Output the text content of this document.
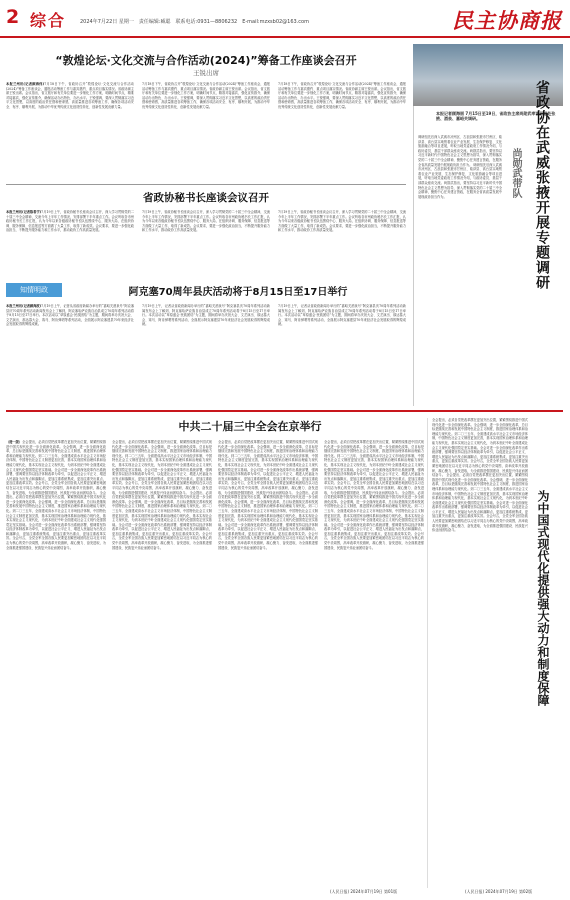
2 综合	2024年7月22日 星期一　责任编辑:臧聪　联系电话:0931—8806232　E-mail:mzxsb02@163.com	民主协商报
“敦煌论坛·文化交流与合作活动(2024)”筹备工作座谈会召开
王锐出席
本报兰州讯(记者顾海伟)7月18日下午，省政协召开“敦煌论坛·文化交流与合作活动(2024)”筹备工作座谈会，通报活动筹备工作与嘉宾邀约、重点项目落实情况。省政协副主席王锐出席。会议指出，省文旅厅和有关单位要进一步细化工作方案，明确时间节点，精准对接嘉宾，强化宣传推介，确保活动办出特色、办出水平。王锐强调，要深入贯彻落实习近平文化思想，以高度的政治责任感和使命感，高质量推进各项筹备工作，确保各项活动安全、有序、顺利开展，为推动中华优秀传统文化创造性转化、创新性发展贡献力量。
7月18日下午，省政协召开“敦煌论坛·文化交流与合作活动(2024)”筹备工作座谈会，通报活动筹备工作与嘉宾邀约、重点项目落实情况。省政协副主席王锐出席。会议指出，省文旅厅和有关单位要进一步细化工作方案，明确时间节点，精准对接嘉宾，强化宣传推介，确保活动办出特色、办出水平。王锐强调，要深入贯彻落实习近平文化思想，以高度的政治责任感和使命感，高质量推进各项筹备工作，确保各项活动安全、有序、顺利开展，为推动中华优秀传统文化创造性转化、创新性发展贡献力量。
7月18日下午，省政协召开“敦煌论坛·文化交流与合作活动(2024)”筹备工作座谈会，通报活动筹备工作与嘉宾邀约、重点项目落实情况。省政协副主席王锐出席。会议指出，省文旅厅和有关单位要进一步细化工作方案，明确时间节点，精准对接嘉宾，强化宣传推介，确保活动办出特色、办出水平。王锐强调，要深入贯彻落实习近平文化思想，以高度的政治责任感和使命感，高质量推进各项筹备工作，确保各项活动安全、有序、顺利开展，为推动中华优秀传统文化创造性转化、创新性发展贡献力量。
省政协秘书长座谈会议召开
本报兰州讯(记者陈希宇)7月19日上午，省政协秘书长座谈会议召开，深入学习贯彻党的二十届三中全会精神，交流今年上半年工作情况，安排部署下半年重点工作。会议听取各市州政协秘书长工作汇报，认为今年以来各级政协秘书长队伍围绕中心、服务大局，在组织协调、服务保障、信息报送等方面做了大量工作，取得了新成效。会议要求，要进一步强化政治担当，不断提升服务能力和工作水平，推动政协工作高质量发展。
7月19日上午，省政协秘书长座谈会议召开，深入学习贯彻党的二十届三中全会精神，交流今年上半年工作情况，安排部署下半年重点工作。会议听取各市州政协秘书长工作汇报，认为今年以来各级政协秘书长队伍围绕中心、服务大局，在组织协调、服务保障、信息报送等方面做了大量工作，取得了新成效。会议要求，要进一步强化政治担当，不断提升服务能力和工作水平，推动政协工作高质量发展。
7月19日上午，省政协秘书长座谈会议召开，深入学习贯彻党的二十届三中全会精神，交流今年上半年工作情况，安排部署下半年重点工作。会议听取各市州政协秘书长工作汇报，认为今年以来各级政协秘书长队伍围绕中心、服务大局，在组织协调、服务保障、信息报送等方面做了大量工作，取得了新成效。会议要求，要进一步强化政治担当，不断提升服务能力和工作水平，推动政协工作高质量发展。
知情明政	阿克塞70周年县庆活动将于8月15日至17日举行
本报兰州讯(记者顾海波)7月19日上午，记者从省政府新闻办举行的“嘉峪关酒泉号”阿克塞县庆70周年系列活动新闻发布会上了解到，阿克塞哈萨克族自治县成立70周年系列活动将于8月15日至17日举行。本次活动以“草原盛会·民族团结”为主题，期间将举办庆祝大会、文艺演出、那达慕大会、赛马、阿肯弹唱等系列活动，全面展示阿克塞建县70年来经济社会发展取得的辉煌成就。
7月19日上午，记者从省政府新闻办举行的“嘉峪关酒泉号”阿克塞县庆70周年系列活动新闻发布会上了解到，阿克塞哈萨克族自治县成立70周年系列活动将于8月15日至17日举行。本次活动以“草原盛会·民族团结”为主题，期间将举办庆祝大会、文艺演出、那达慕大会、赛马、阿肯弹唱等系列活动，全面展示阿克塞建县70年来经济社会发展取得的辉煌成就。
7月19日上午，记者从省政府新闻办举行的“嘉峪关酒泉号”阿克塞县庆70周年系列活动新闻发布会上了解到，阿克塞哈萨克族自治县成立70周年系列活动将于8月15日至17日举行。本次活动以“草原盛会·民族团结”为主题，期间将举办庆祝大会、文艺演出、那达慕大会、赛马、阿肯弹唱等系列活动，全面展示阿克塞建县70年来经济社会发展取得的辉煌成就。
本报记者顾海丽 7月15日至19日，省政协主席尚勋武率调研组赴张掖、酒泉、嘉峪关调研。	省政协在武威张掖开展专题调研
尚勋武带队
调研组先后深入武威市凉州区、古浪县和张掖市甘州区、临泽县、高台县实地察看农业产业发展、生态保护修复、文化旅游融合等项目进展，听取当地党委政府工作情况介绍，与政协委员、基层干部群众座谈交流。尚勋武指出，要坚持以习近平新时代中国特色社会主义思想为指导，深入贯彻落实党的二十届三中全会精神，聚焦中心任务建言资政，在服务全省高质量发展中展现政协担当作为。 调研组先后深入武威市凉州区、古浪县和张掖市甘州区、临泽县、高台县实地察看农业产业发展、生态保护修复、文化旅游融合等项目进展，听取当地党委政府工作情况介绍，与政协委员、基层干部群众座谈交流。尚勋武指出，要坚持以习近平新时代中国特色社会主义思想为指导，深入贯彻落实党的二十届三中全会精神，聚焦中心任务建言资政，在服务全省高质量发展中展现政协担当作为。
中共二十届三中全会在京举行
（接一版）全会提出，必须自觉把改革摆在更加突出位置，紧紧围绕推进中国式现代化进一步全面深化改革。全会强调，进一步全面深化改革，总目标是继续完善和发展中国特色社会主义制度，推进国家治理体系和治理能力现代化。到二〇三五年，全面建成高水平社会主义市场经济体制，中国特色社会主义制度更加完善，基本实现国家治理体系和治理能力现代化，基本实现社会主义现代化，为到本世纪中叶全面建成社会主义现代化强国奠定坚实基础。全会对进一步全面深化改革作出系统部署，强调要坚持以经济体制改革为牵引，以促进社会公平正义、增进人民福祉为出发点和落脚点，更加注重系统集成，更加注重突出重点，更加注重改革实效。全会号召，全党全军全国各族人民要更加紧密地团结在以习近平同志为核心的党中央周围，高举改革开放旗帜，凝心聚力、奋发进取，为全面推进强国建设、民族复兴伟业而团结奋斗。 全会提出，必须自觉把改革摆在更加突出位置，紧紧围绕推进中国式现代化进一步全面深化改革。全会强调，进一步全面深化改革，总目标是继续完善和发展中国特色社会主义制度，推进国家治理体系和治理能力现代化。到二〇三五年，全面建成高水平社会主义市场经济体制，中国特色社会主义制度更加完善，基本实现国家治理体系和治理能力现代化，基本实现社会主义现代化，为到本世纪中叶全面建成社会主义现代化强国奠定坚实基础。全会对进一步全面深化改革作出系统部署，强调要坚持以经济体制改革为牵引，以促进社会公平正义、增进人民福祉为出发点和落脚点，更加注重系统集成，更加注重突出重点，更加注重改革实效。全会号召，全党全军全国各族人民要更加紧密地团结在以习近平同志为核心的党中央周围，高举改革开放旗帜，凝心聚力、奋发进取，为全面推进强国建设、民族复兴伟业而团结奋斗。
全会提出，必须自觉把改革摆在更加突出位置，紧紧围绕推进中国式现代化进一步全面深化改革。全会强调，进一步全面深化改革，总目标是继续完善和发展中国特色社会主义制度，推进国家治理体系和治理能力现代化。到二〇三五年，全面建成高水平社会主义市场经济体制，中国特色社会主义制度更加完善，基本实现国家治理体系和治理能力现代化，基本实现社会主义现代化，为到本世纪中叶全面建成社会主义现代化强国奠定坚实基础。全会对进一步全面深化改革作出系统部署，强调要坚持以经济体制改革为牵引，以促进社会公平正义、增进人民福祉为出发点和落脚点，更加注重系统集成，更加注重突出重点，更加注重改革实效。全会号召，全党全军全国各族人民要更加紧密地团结在以习近平同志为核心的党中央周围，高举改革开放旗帜，凝心聚力、奋发进取，为全面推进强国建设、民族复兴伟业而团结奋斗。 全会提出，必须自觉把改革摆在更加突出位置，紧紧围绕推进中国式现代化进一步全面深化改革。全会强调，进一步全面深化改革，总目标是继续完善和发展中国特色社会主义制度，推进国家治理体系和治理能力现代化。到二〇三五年，全面建成高水平社会主义市场经济体制，中国特色社会主义制度更加完善，基本实现国家治理体系和治理能力现代化，基本实现社会主义现代化，为到本世纪中叶全面建成社会主义现代化强国奠定坚实基础。全会对进一步全面深化改革作出系统部署，强调要坚持以经济体制改革为牵引，以促进社会公平正义、增进人民福祉为出发点和落脚点，更加注重系统集成，更加注重突出重点，更加注重改革实效。全会号召，全党全军全国各族人民要更加紧密地团结在以习近平同志为核心的党中央周围，高举改革开放旗帜，凝心聚力、奋发进取，为全面推进强国建设、民族复兴伟业而团结奋斗。
全会提出，必须自觉把改革摆在更加突出位置，紧紧围绕推进中国式现代化进一步全面深化改革。全会强调，进一步全面深化改革，总目标是继续完善和发展中国特色社会主义制度，推进国家治理体系和治理能力现代化。到二〇三五年，全面建成高水平社会主义市场经济体制，中国特色社会主义制度更加完善，基本实现国家治理体系和治理能力现代化，基本实现社会主义现代化，为到本世纪中叶全面建成社会主义现代化强国奠定坚实基础。全会对进一步全面深化改革作出系统部署，强调要坚持以经济体制改革为牵引，以促进社会公平正义、增进人民福祉为出发点和落脚点，更加注重系统集成，更加注重突出重点，更加注重改革实效。全会号召，全党全军全国各族人民要更加紧密地团结在以习近平同志为核心的党中央周围，高举改革开放旗帜，凝心聚力、奋发进取，为全面推进强国建设、民族复兴伟业而团结奋斗。 全会提出，必须自觉把改革摆在更加突出位置，紧紧围绕推进中国式现代化进一步全面深化改革。全会强调，进一步全面深化改革，总目标是继续完善和发展中国特色社会主义制度，推进国家治理体系和治理能力现代化。到二〇三五年，全面建成高水平社会主义市场经济体制，中国特色社会主义制度更加完善，基本实现国家治理体系和治理能力现代化，基本实现社会主义现代化，为到本世纪中叶全面建成社会主义现代化强国奠定坚实基础。全会对进一步全面深化改革作出系统部署，强调要坚持以经济体制改革为牵引，以促进社会公平正义、增进人民福祉为出发点和落脚点，更加注重系统集成，更加注重突出重点，更加注重改革实效。全会号召，全党全军全国各族人民要更加紧密地团结在以习近平同志为核心的党中央周围，高举改革开放旗帜，凝心聚力、奋发进取，为全面推进强国建设、民族复兴伟业而团结奋斗。
全会提出，必须自觉把改革摆在更加突出位置，紧紧围绕推进中国式现代化进一步全面深化改革。全会强调，进一步全面深化改革，总目标是继续完善和发展中国特色社会主义制度，推进国家治理体系和治理能力现代化。到二〇三五年，全面建成高水平社会主义市场经济体制，中国特色社会主义制度更加完善，基本实现国家治理体系和治理能力现代化，基本实现社会主义现代化，为到本世纪中叶全面建成社会主义现代化强国奠定坚实基础。全会对进一步全面深化改革作出系统部署，强调要坚持以经济体制改革为牵引，以促进社会公平正义、增进人民福祉为出发点和落脚点，更加注重系统集成，更加注重突出重点，更加注重改革实效。全会号召，全党全军全国各族人民要更加紧密地团结在以习近平同志为核心的党中央周围，高举改革开放旗帜，凝心聚力、奋发进取，为全面推进强国建设、民族复兴伟业而团结奋斗。 全会提出，必须自觉把改革摆在更加突出位置，紧紧围绕推进中国式现代化进一步全面深化改革。全会强调，进一步全面深化改革，总目标是继续完善和发展中国特色社会主义制度，推进国家治理体系和治理能力现代化。到二〇三五年，全面建成高水平社会主义市场经济体制，中国特色社会主义制度更加完善，基本实现国家治理体系和治理能力现代化，基本实现社会主义现代化，为到本世纪中叶全面建成社会主义现代化强国奠定坚实基础。全会对进一步全面深化改革作出系统部署，强调要坚持以经济体制改革为牵引，以促进社会公平正义、增进人民福祉为出发点和落脚点，更加注重系统集成，更加注重突出重点，更加注重改革实效。全会号召，全党全军全国各族人民要更加紧密地团结在以习近平同志为核心的党中央周围，高举改革开放旗帜，凝心聚力、奋发进取，为全面推进强国建设、民族复兴伟业而团结奋斗。
全会提出，必须自觉把改革摆在更加突出位置，紧紧围绕推进中国式现代化进一步全面深化改革。全会强调，进一步全面深化改革，总目标是继续完善和发展中国特色社会主义制度，推进国家治理体系和治理能力现代化。到二〇三五年，全面建成高水平社会主义市场经济体制，中国特色社会主义制度更加完善，基本实现国家治理体系和治理能力现代化，基本实现社会主义现代化，为到本世纪中叶全面建成社会主义现代化强国奠定坚实基础。全会对进一步全面深化改革作出系统部署，强调要坚持以经济体制改革为牵引，以促进社会公平正义、增进人民福祉为出发点和落脚点，更加注重系统集成，更加注重突出重点，更加注重改革实效。全会号召，全党全军全国各族人民要更加紧密地团结在以习近平同志为核心的党中央周围，高举改革开放旗帜，凝心聚力、奋发进取，为全面推进强国建设、民族复兴伟业而团结奋斗。 全会提出，必须自觉把改革摆在更加突出位置，紧紧围绕推进中国式现代化进一步全面深化改革。全会强调，进一步全面深化改革，总目标是继续完善和发展中国特色社会主义制度，推进国家治理体系和治理能力现代化。到二〇三五年，全面建成高水平社会主义市场经济体制，中国特色社会主义制度更加完善，基本实现国家治理体系和治理能力现代化，基本实现社会主义现代化，为到本世纪中叶全面建成社会主义现代化强国奠定坚实基础。全会对进一步全面深化改革作出系统部署，强调要坚持以经济体制改革为牵引，以促进社会公平正义、增进人民福祉为出发点和落脚点，更加注重系统集成，更加注重突出重点，更加注重改革实效。全会号召，全党全军全国各族人民要更加紧密地团结在以习近平同志为核心的党中央周围，高举改革开放旗帜，凝心聚力、奋发进取，为全面推进强国建设、民族复兴伟业而团结奋斗。	为中国式现代化提供强大动力和制度保障
(人民日报) 2024年07月19日 第01版	(人民日报) 2024年07月19日 第02版
